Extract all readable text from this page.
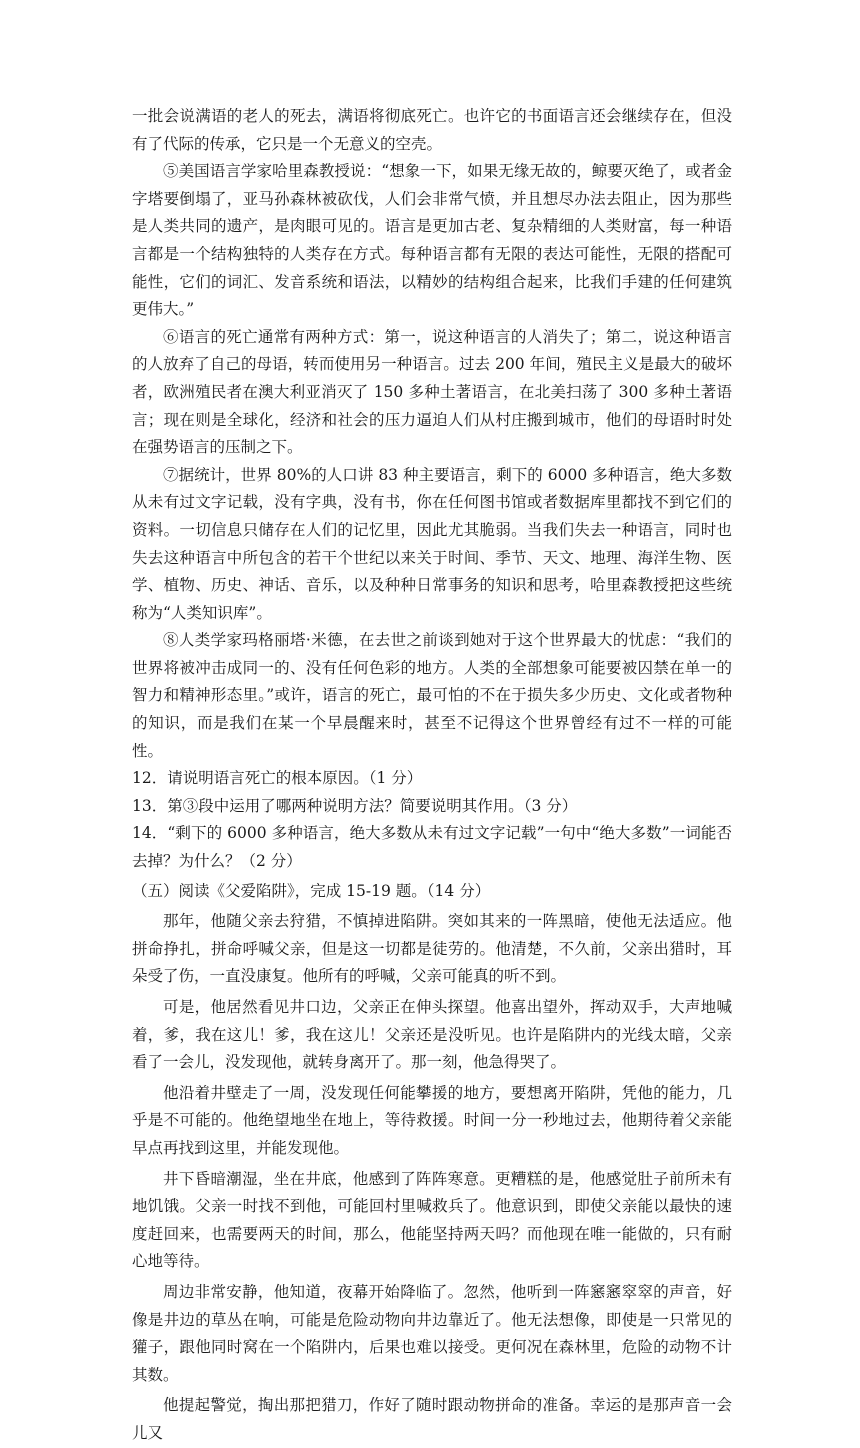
一批会说满语的老人的死去，满语将彻底死亡。也许它的书面语言还会继续存在，但没有了代际的传承，它只是一个无意义的空壳。

⑤美国语言学家哈里森教授说：“想象一下，如果无缘无故的，鲸要灭绝了，或者金字塔要倒塌了，亚马孙森林被砍伐，人们会非常气愤，并且想尽办法去阻止，因为那些是人类共同的遗产，是肉眼可见的。语言是更加古老、复杂精细的人类财富，每一种语言都是一个结构独特的人类存在方式。每种语言都有无限的表达可能性，无限的搭配可能性，它们的词汇、发音系统和语法，以精妙的结构组合起来，比我们手建的任何建筑更伟大。”

⑥语言的死亡通常有两种方式：第一，说这种语言的人消失了；第二，说这种语言的人放弃了自己的母语，转而使用另一种语言。过去 200 年间，殖民主义是最大的破坏者，欧洲殖民者在澳大利亚消灭了 150 多种土著语言，在北美扫荡了 300 多种土著语言；现在则是全球化，经济和社会的压力逼迫人们从村庄搬到城市，他们的母语时时处在强势语言的压制之下。

⑦据统计，世界 80%的人口讲 83 种主要语言，剩下的 6000 多种语言，绝大多数从未有过文字记载，没有字典，没有书，你在任何图书馆或者数据库里都找不到它们的资料。一切信息只储存在人们的记忆里，因此尤其脆弱。当我们失去一种语言，同时也失去这种语言中所包含的若干个世纪以来关于时间、季节、天文、地理、海洋生物、医学、植物、历史、神话、音乐，以及种种日常事务的知识和思考，哈里森教授把这些统称为“人类知识库”。

⑧人类学家玛格丽塔·米德，在去世之前谈到她对于这个世界最大的忧虑：“我们的世界将被冲击成同一的、没有任何色彩的地方。人类的全部想象可能要被囚禁在单一的智力和精神形态里。”或许，语言的死亡，最可怕的不在于损失多少历史、文化或者物种的知识，而是我们在某一个早晨醒来时，甚至不记得这个世界曾经有过不一样的可能性。

12．请说明语言死亡的根本原因。（1 分）

13．第③段中运用了哪两种说明方法？简要说明其作用。（3 分）

14．“剩下的 6000 多种语言，绝大多数从未有过文字记载”一句中“绝大多数”一词能否去掉？为什么？（2 分）

（五）阅读《父爱陷阱》，完成 15-19 题。（14 分）

那年，他随父亲去狩猎，不慎掉进陷阱。突如其来的一阵黑暗，使他无法适应。他拼命挣扎，拼命呼喊父亲，但是这一切都是徒劳的。他清楚，不久前，父亲出猎时，耳朵受了伤，一直没康复。他所有的呼喊，父亲可能真的听不到。

可是，他居然看见井口边，父亲正在伸头探望。他喜出望外，挥动双手，大声地喊着，爹，我在这儿！爹，我在这儿！父亲还是没听见。也许是陷阱内的光线太暗，父亲看了一会儿，没发现他，就转身离开了。那一刻，他急得哭了。

他沿着井壁走了一周，没发现任何能攀援的地方，要想离开陷阱，凭他的能力，几乎是不可能的。他绝望地坐在地上，等待救援。时间一分一秒地过去，他期待着父亲能早点再找到这里，并能发现他。

井下昏暗潮湿，坐在井底，他感到了阵阵寒意。更糟糕的是，他感觉肚子前所未有地饥饿。父亲一时找不到他，可能回村里喊救兵了。他意识到，即使父亲能以最快的速度赶回来，也需要两天的时间，那么，他能坚持两天吗？而他现在唯一能做的，只有耐心地等待。

周边非常安静，他知道，夜幕开始降临了。忽然，他听到一阵窸窸窣窣的声音，好像是井边的草丛在响，可能是危险动物向井边靠近了。他无法想像，即使是一只常见的獾子，跟他同时窝在一个陷阱内，后果也难以接受。更何况在森林里，危险的动物不计其数。

他提起警觉，掏出那把猎刀，作好了随时跟动物拼命的准备。幸运的是那声音一会儿又
